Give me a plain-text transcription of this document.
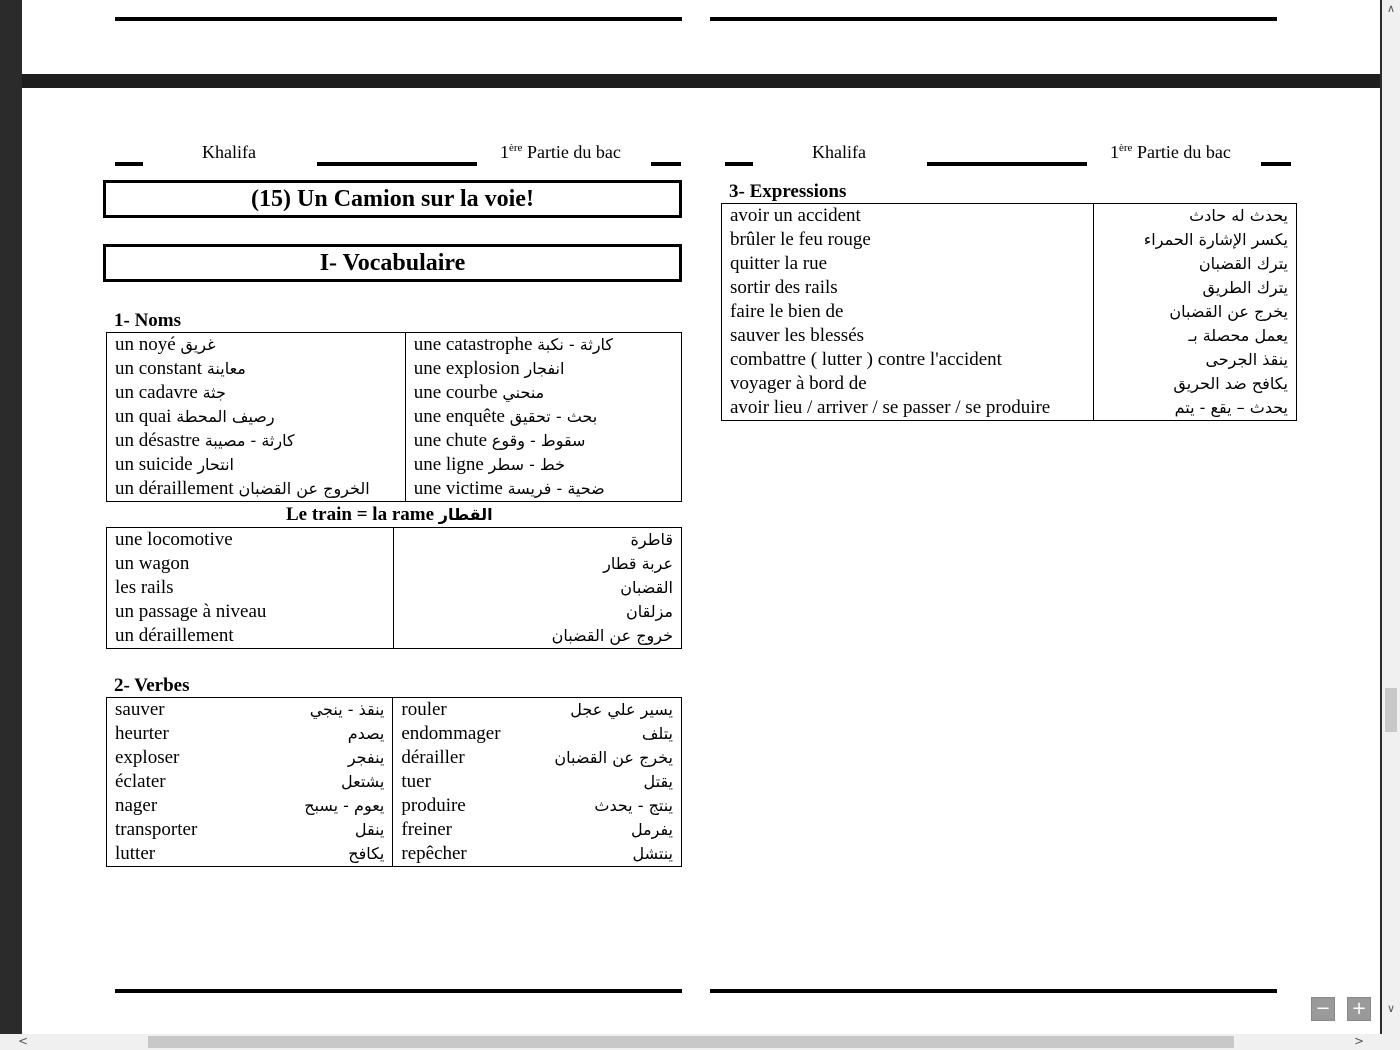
Khalifa	1ère Partie du bac	Khalifa	1ère Partie du bac
(15) Un Camion sur la voie!
I- Vocabulaire
1- Noms
un noyé غريق	une catastrophe كارثة - نكبة
un constant معاينة	une explosion انفجار
un cadavre جثة	une courbe منحني
un quai رصيف المحطة	une enquête بحث - تحقيق
un désastre كارثة - مصيبة	une chute سقوط - وقوع
un suicide انتحار	une ligne خط - سطر
un déraillement الخروج عن القضبان	une victime ضحية - فريسة
Le train = la rame القطار
une locomotive	قاطرة
un wagon	عربة قطار
les rails	القضبان
un passage à niveau	مزلقان
un déraillement	خروج عن القضبان
2- Verbes
sauver ينقذ - ينجي	rouler يسير علي عجل

heurter يصدم	endommager يتلف

exploser ينفجر	dérailler يخرج عن القضبان

éclater يشتعل	tuer يقتل

nager يعوم - يسبح	produire ينتج - يحدث

transporter ينقل	freiner يفرمل

lutter يكافح	repêcher ينتشل
3- Expressions
avoir un accident	يحدث له حادث
brûler le feu rouge	يكسر الإشارة الحمراء
quitter la rue	يترك القضبان
sortir des rails	يترك الطريق
faire le bien de	يخرج عن القضبان
sauver les blessés	يعمل محصلة بـ
combattre ( lutter ) contre l'accident	ينقذ الجرحى
voyager à bord de	يكافح ضد الحريق
avoir lieu / arriver / se passer / se produire	يحدث – يقع - يتم
∧
∨
<	>
− +
